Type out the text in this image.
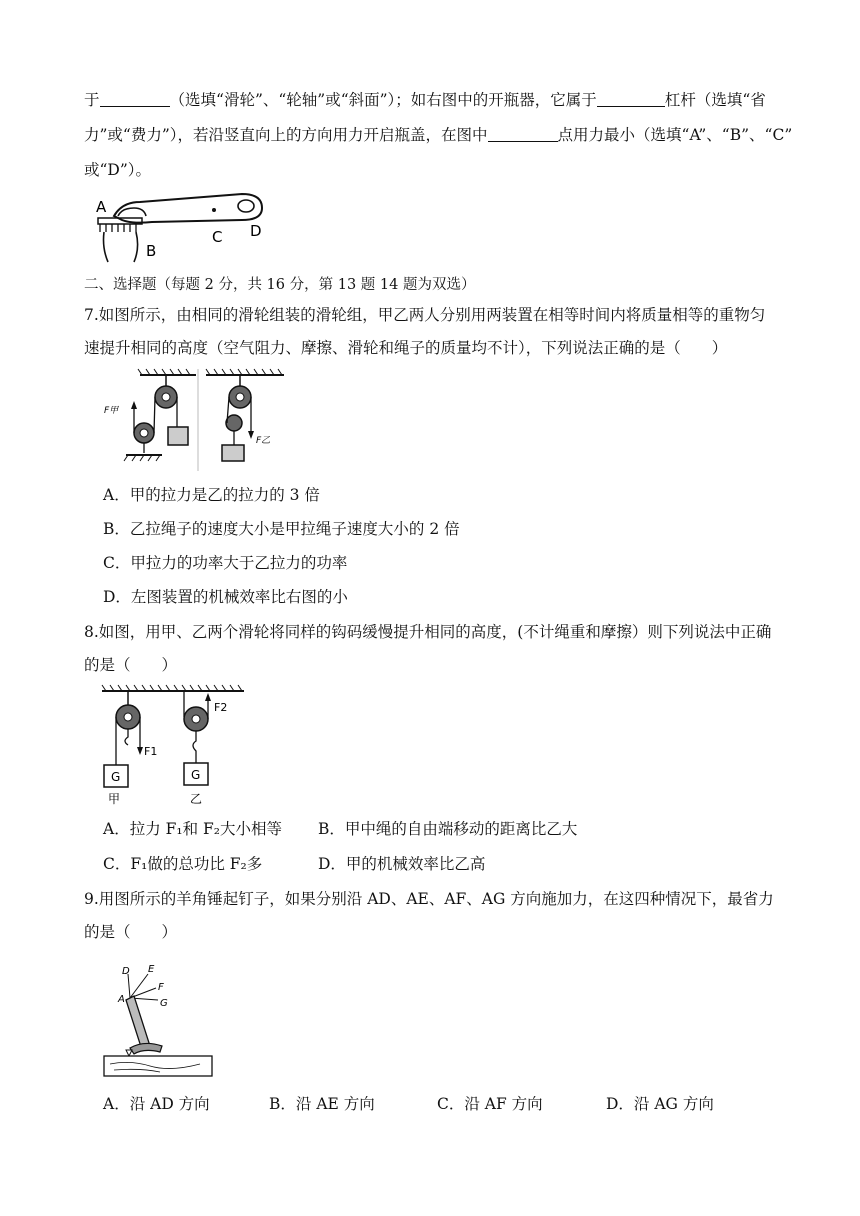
于	（选填“滑轮”、“轮轴”或“斜面”）；如右图中的开瓶器，它属于	杠杆（选填“省
力”或“费力”），若沿竖直向上的方向用力开启瓶盖，在图中	点用力最小（选填“A”、“B”、“C”
或“D”）。
A
B
C D
二、选择题（每题 2 分，共 16 分，第 13 题 14 题为双选）
7.如图所示，由相同的滑轮组装的滑轮组，甲乙两人分别用两装置在相等时间内将质量相等的重物匀
速提升相同的高度（空气阻力、摩擦、滑轮和绳子的质量均不计），下列说法正确的是（　　）
F甲
F乙
A．甲的拉力是乙的拉力的 3 倍
B．乙拉绳子的速度大小是甲拉绳子速度大小的 2 倍
C．甲拉力的功率大于乙拉力的功率
D．左图装置的机械效率比右图的小
8.如图，用甲、乙两个滑轮将同样的钩码缓慢提升相同的高度，(不计绳重和摩擦）则下列说法中正确
的是（　　）
G
F1
甲
G
F2
乙
A．拉力 F₁和 F₂大小相等 B．甲中绳的自由端移动的距离比乙大
C．F₁做的总功比 F₂多	D．甲的机械效率比乙高
9.用图所示的羊角锤起钉子，如果分别沿 AD、AE、AF、AG 方向施加力，在这四种情况下，最省力
的是（　　）
D E
F
G
A
A．沿 AD 方向	B．沿 AE 方向	C．沿 AF 方向	D．沿 AG 方向
